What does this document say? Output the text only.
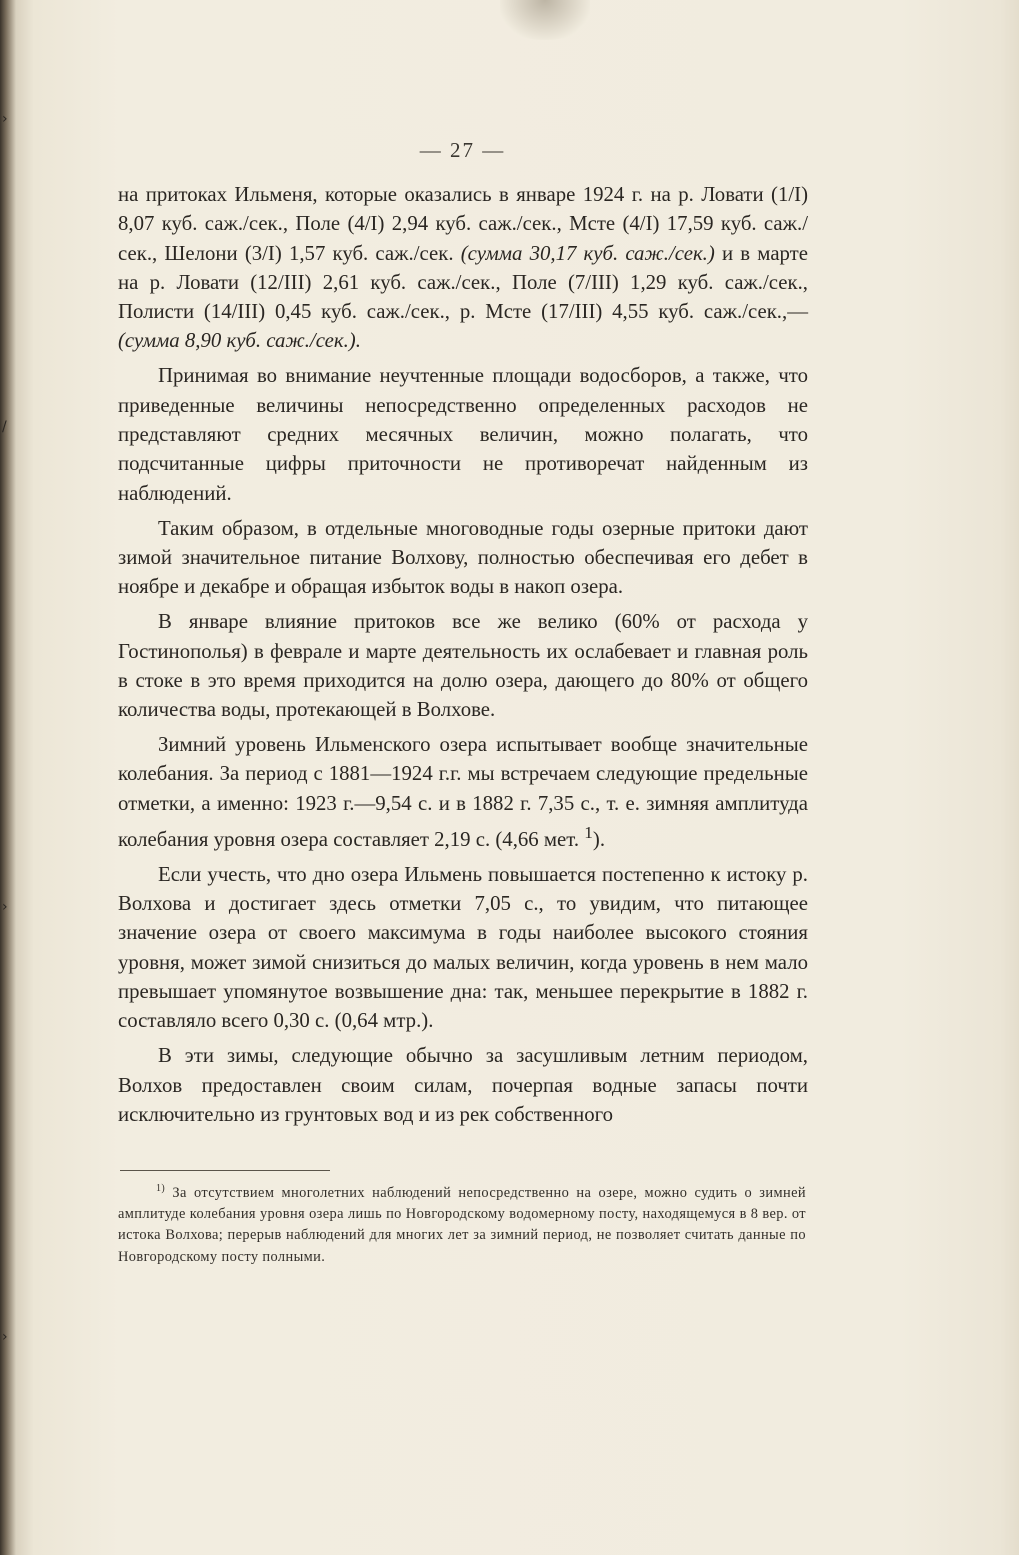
›
/
›
›
— 27 —

на притоках Ильменя, которые оказались в январе 1924 г. на р. Ловати (1/I) 8,07 куб. саж./сек., Поле (4/I) 2,94 куб. саж./сек., Мсте (4/I) 17,59 куб. саж./сек., Шелони (3/I) 1,57 куб. саж./сек. (сумма 30,17 куб. саж./сек.) и в марте на р. Ловати (12/III) 2,61 куб. саж./сек., Поле (7/III) 1,29 куб. саж./сек., Полисти (14/III) 0,45 куб. саж./сек., р. Мсте (17/III) 4,55 куб. саж./сек.,— (сумма 8,90 куб. саж./сек.).

Принимая во внимание неучтенные площади водосборов, а также, что приведенные величины непосредственно определенных расходов не представляют средних месячных величин, можно полагать, что подсчитанные цифры приточности не противоречат найденным из наблюдений.

Таким образом, в отдельные многоводные годы озерные притоки дают зимой значительное питание Волхову, полностью обеспечивая его дебет в ноябре и декабре и обращая избыток воды в накоп озера.

В январе влияние притоков все же велико (60% от расхода у Гостинополья) в феврале и марте деятельность их ослабевает и главная роль в стоке в это время приходится на долю озера, дающего до 80% от общего количества воды, протекающей в Волхове.

Зимний уровень Ильменского озера испытывает вообще значительные колебания. За период с 1881—1924 г.г. мы встречаем следующие предельные отметки, а именно: 1923 г.—9,54 с. и в 1882 г. 7,35 с., т. е. зимняя амплитуда колебания уровня озера составляет 2,19 с. (4,66 мет. $^1$).

Если учесть, что дно озера Ильмень повышается постепенно к истоку р. Волхова и достигает здесь отметки 7,05 с., то увидим, что питающее значение озера от своего максимума в годы наиболее высокого стояния уровня, может зимой снизиться до малых величин, когда уровень в нем мало превышает упомянутое возвышение дна: так, меньшее перекрытие в 1882 г. составляло всего 0,30 с. (0,64 мтр.).

В эти зимы, следующие обычно за засушливым летним периодом, Волхов предоставлен своим силам, почерпая водные запасы почти исключительно из грунтовых вод и из рек собственного

$^{1)}$ За отсутствием многолетних наблюдений непосредственно на озере, можно судить о зимней амплитуде колебания уровня озера лишь по Новгородскому водомерному посту, находящемуся в 8 вер. от истока Волхова; перерыв наблюдений для многих лет за зимний период, не позволяет считать данные по Новгородскому посту полными.
